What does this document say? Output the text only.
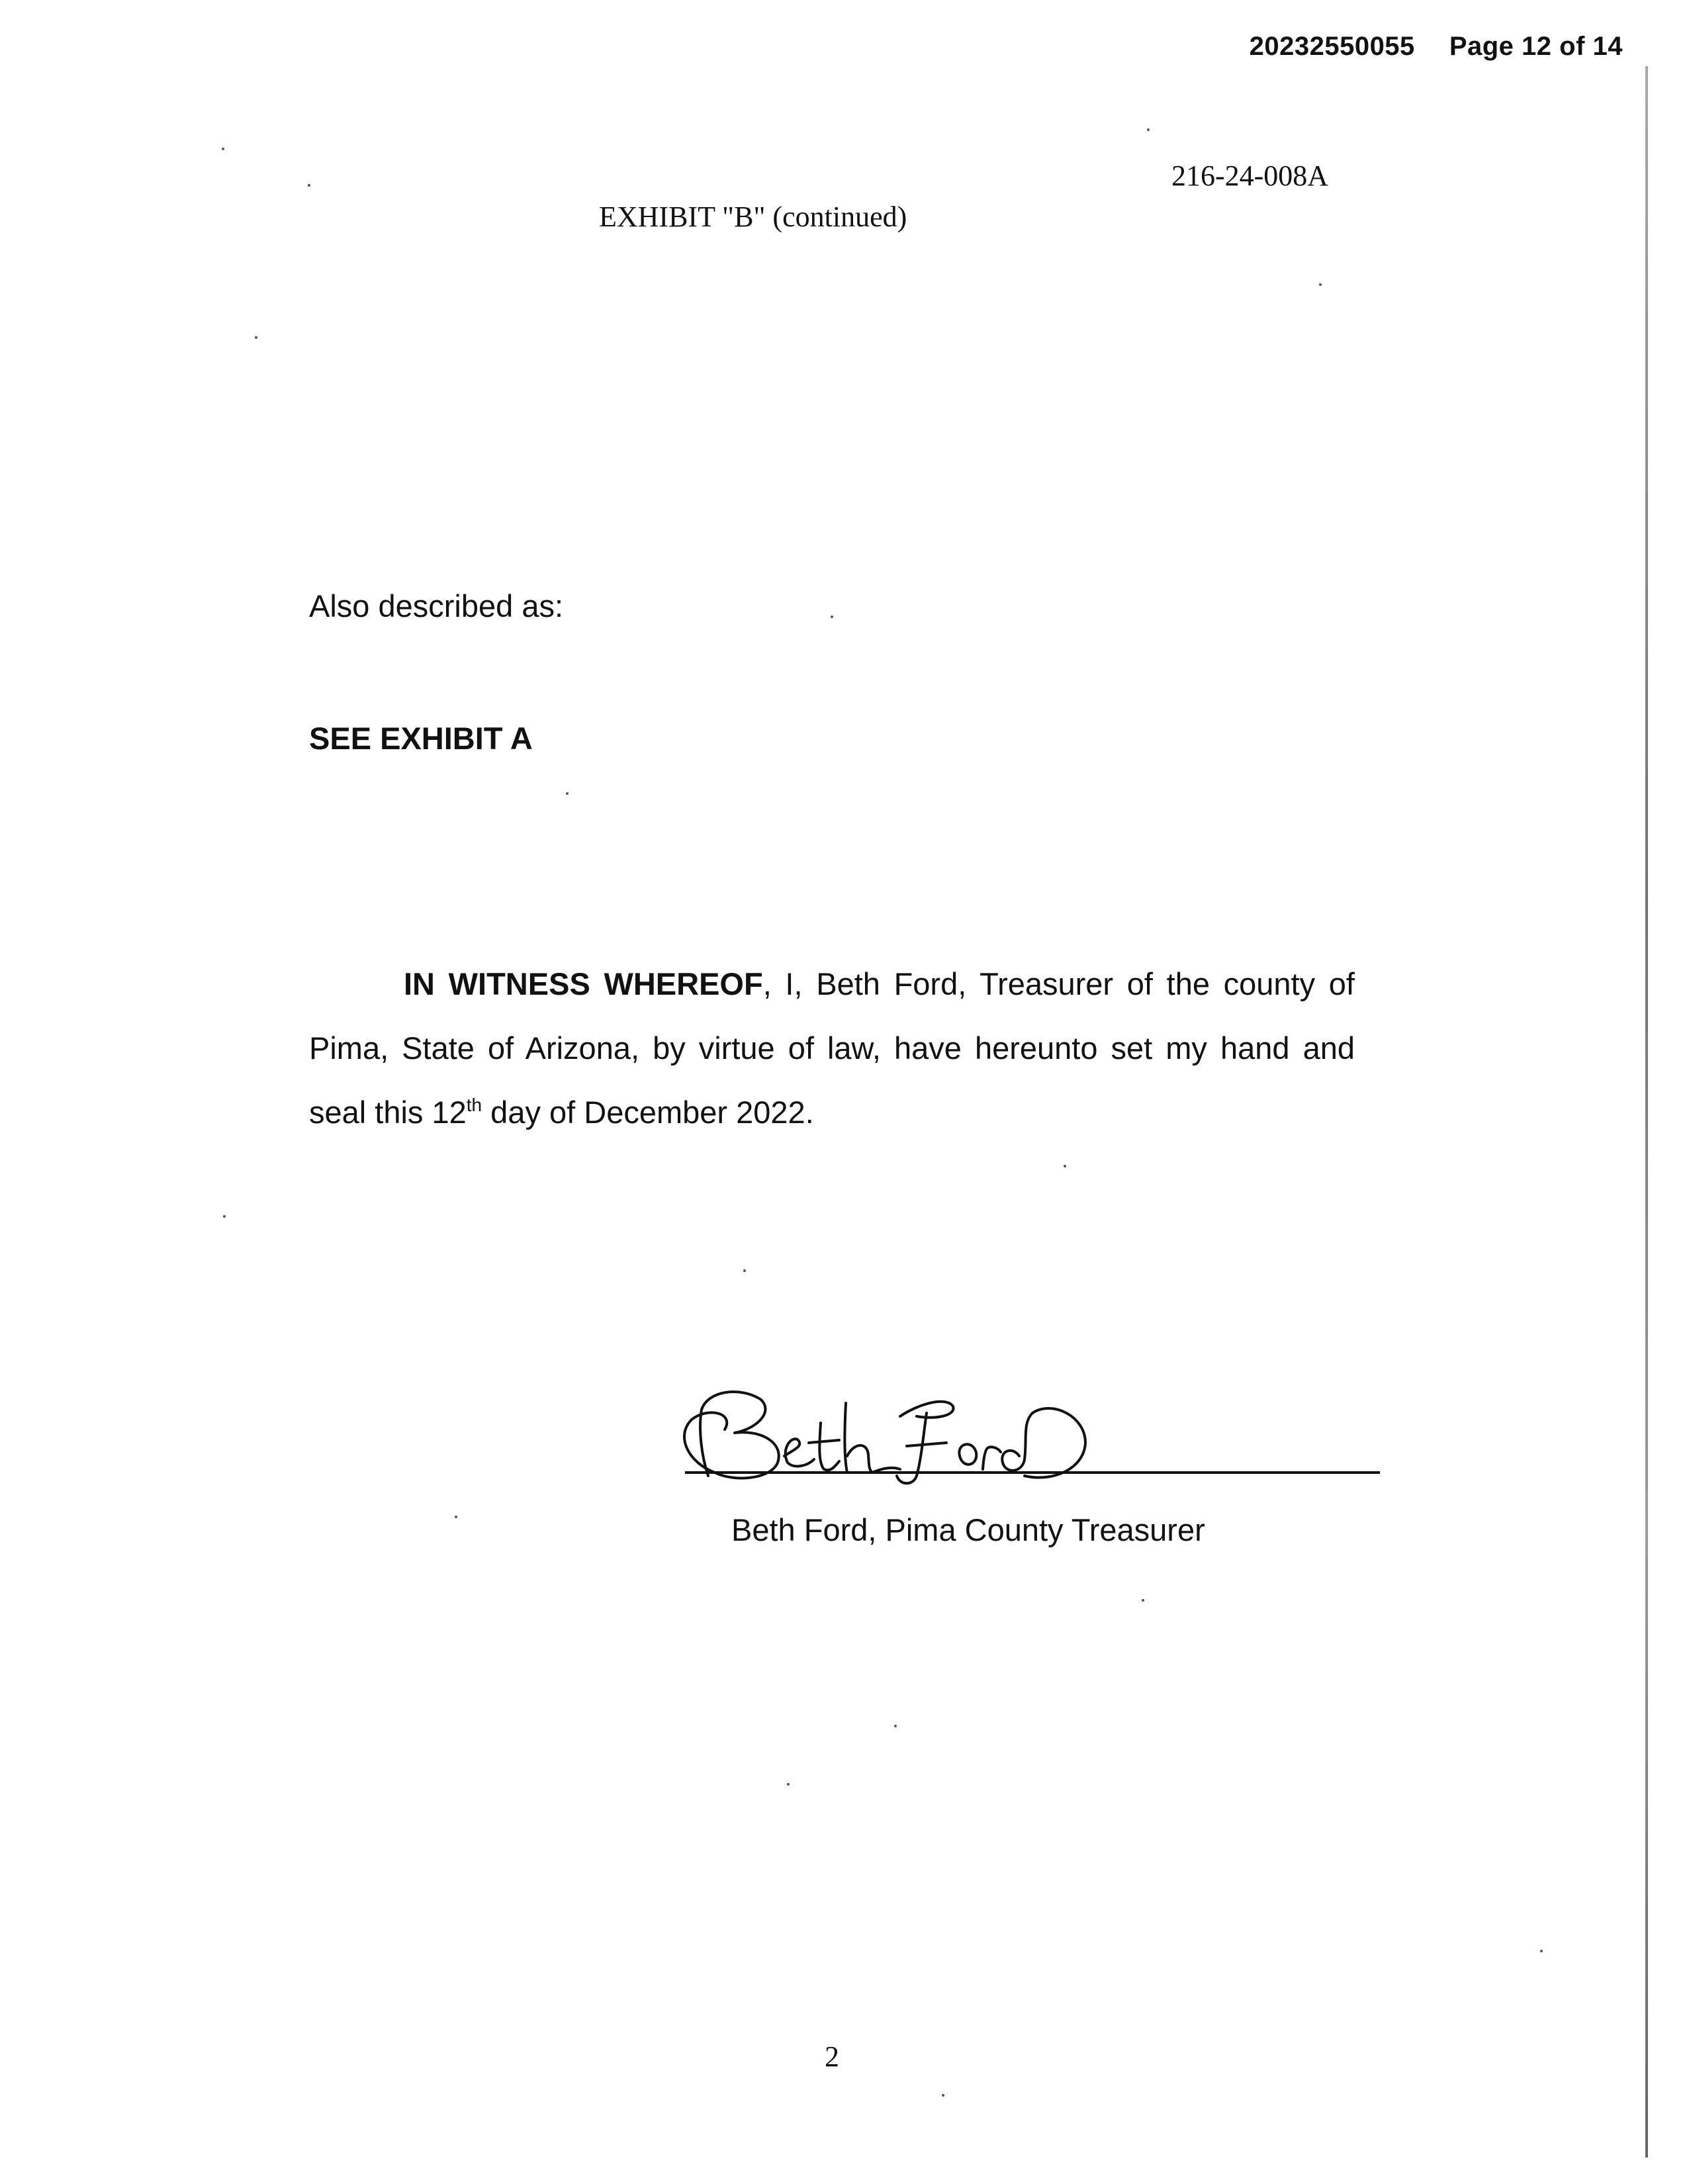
20232550055 Page 12 of 14
216-24-008A
EXHIBIT "B" (continued)
Also described as:
SEE EXHIBIT A
IN WITNESS WHEREOF, I, Beth Ford, Treasurer of the county of
Pima, State of Arizona, by virtue of law, have hereunto set my hand and
seal this 12th day of December 2022.
Beth Ford, Pima County Treasurer
2
